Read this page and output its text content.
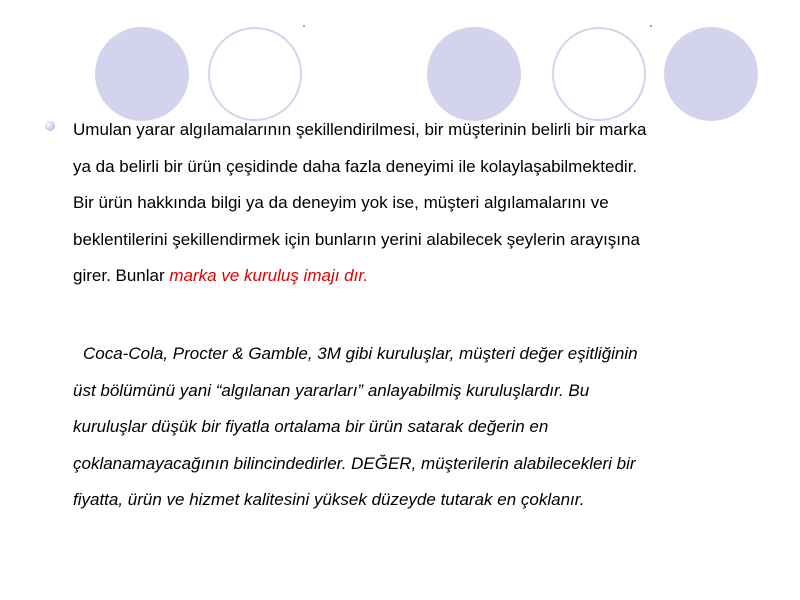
Umulan yarar algılamalarının şekillendirilmesi, bir müşterinin belirli bir marka
ya da belirli bir ürün çeşidinde daha fazla deneyimi ile kolaylaşabilmektedir.
Bir ürün hakkında bilgi ya da deneyim yok ise, müşteri algılamalarını ve
beklentilerini şekillendirmek için bunların yerini alabilecek şeylerin arayışına
girer. Bunlar marka ve kuruluş imajı dır.
Coca-Cola, Procter & Gamble, 3M gibi kuruluşlar, müşteri değer eşitliğinin
üst bölümünü yani “algılanan yararları” anlayabilmiş kuruluşlardır. Bu
kuruluşlar düşük bir fiyatla ortalama bir ürün satarak değerin en
çoklanamayacağının bilincindedirler. DEĞER, müşterilerin alabilecekleri bir
fiyatta, ürün ve hizmet kalitesini yüksek düzeyde tutarak en çoklanır.
